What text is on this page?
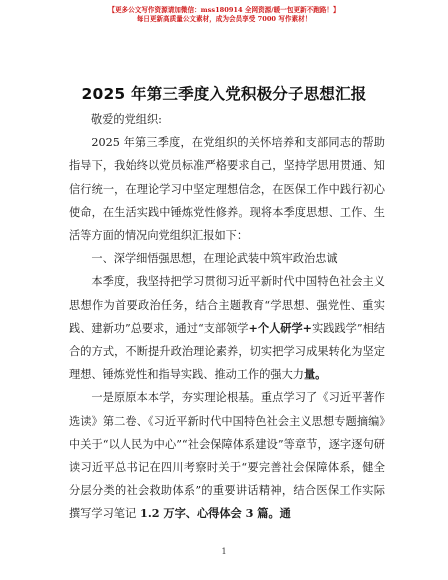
【更多公文写作资源请加微信：mss180914 全网资源/暖一包更新不跑路！】
每日更新高质量公文素材，成为会员享受 7000 写作素材！
2025 年第三季度入党积极分子思想汇报

敬爱的党组织:

2025 年第三季度，在党组织的关怀培养和支部同志的帮助指导下，我始终以党员标准严格要求自己，坚持学思用贯通、知信行统一，在理论学习中坚定理想信念，在医保工作中践行初心使命，在生活实践中锤炼党性修养。现将本季度思想、工作、生活等方面的情况向党组织汇报如下：

一、深学细悟强思想，在理论武装中筑牢政治忠诚

本季度，我坚持把学习贯彻习近平新时代中国特色社会主义思想作为首要政治任务，结合主题教育“学思想、强党性、重实践、建新功”总要求，通过“支部领学+个人研学+实践践学”相结合的方式，不断提升政治理论素养，切实把学习成果转化为坚定理想、锤炼党性和指导实践、推动工作的强大力量。

一是原原本本学，夯实理论根基。重点学习了《习近平著作选读》第二卷、《习近平新时代中国特色社会主义思想专题摘编》中关于“以人民为中心”“社会保障体系建设”等章节，逐字逐句研读习近平总书记在四川考察时关于“要完善社会保障体系，健全分层分类的社会救助体系”的重要讲话精神，结合医保工作实际撰写学习笔记 1.2 万字、心得体会 3 篇。通

1
